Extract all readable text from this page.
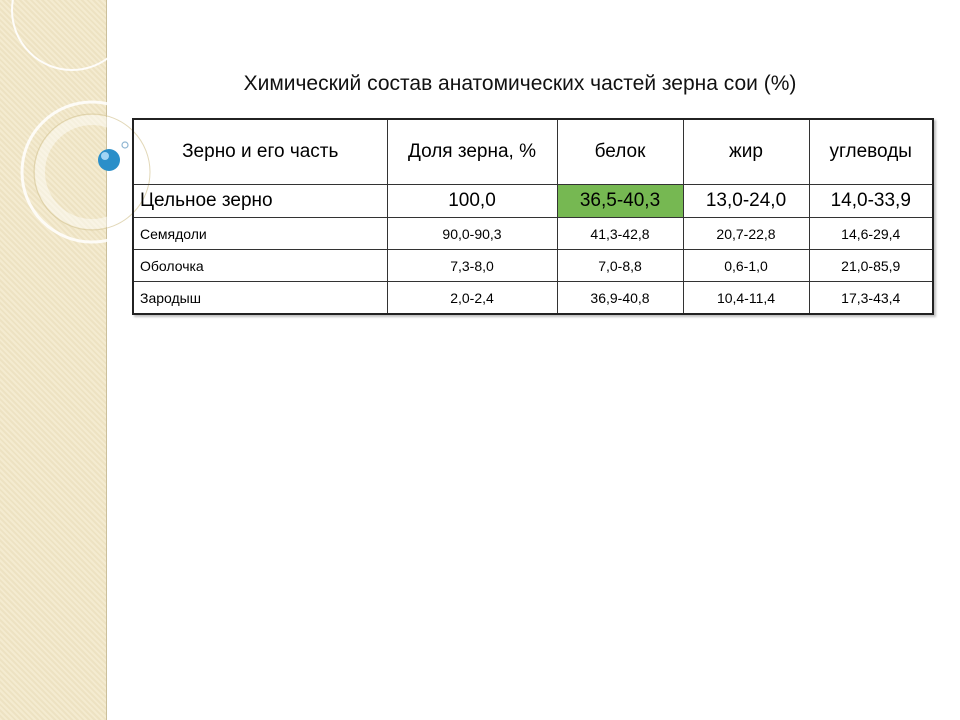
Химический состав анатомических частей зерна сои (%)
Зерно и его часть	Доля зерна, %	белок	жир	углеводы
Цельное зерно	100,0	36,5-40,3	13,0-24,0	14,0-33,9
Семядоли	90,0-90,3	41,3-42,8	20,7-22,8	14,6-29,4
Оболочка	7,3-8,0	7,0-8,8	0,6-1,0	21,0-85,9
Зародыш	2,0-2,4	36,9-40,8	10,4-11,4	17,3-43,4
